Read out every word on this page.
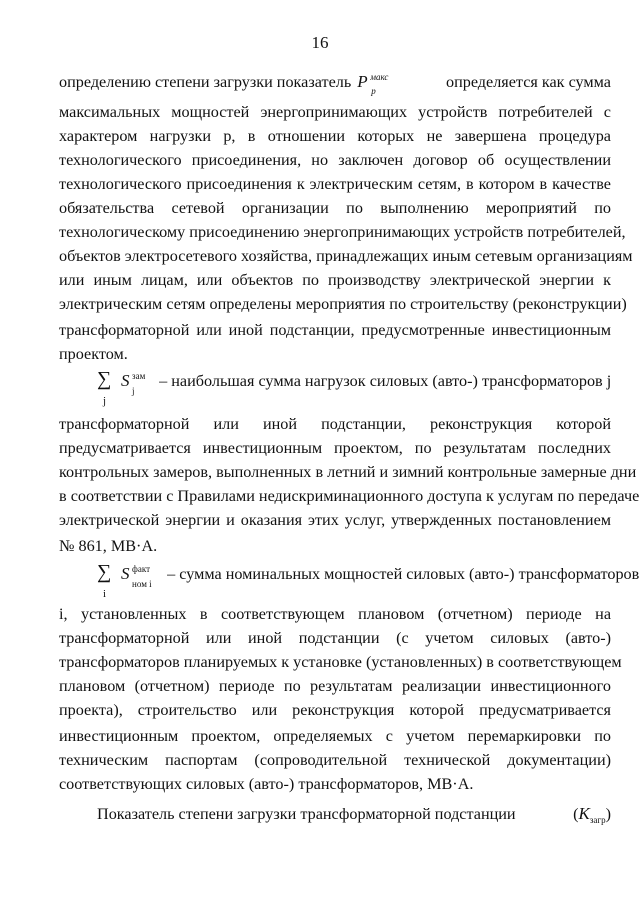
16
определению степени загрузки показатель P макс
p	определяется как сумма
максимальных мощностей энергопринимающих устройств потребителей с
характером нагрузки р, в отношении которых не завершена процедура
технологического присоединения, но заключен договор об осуществлении
технологического присоединения к электрическим сетям, в котором в качестве
обязательства сетевой организации по выполнению мероприятий по
технологическому присоединению энергопринимающих устройств потребителей,
объектов электросетевого хозяйства, принадлежащих иным сетевым организациям
или иным лицам, или объектов по производству электрической энергии к
электрическим сетям определены мероприятия по строительству (реконструкции)
трансформаторной или иной подстанции, предусмотренные инвестиционным
проектом.
∑
j
S зам
j
– наибольшая сумма нагрузок силовых (авто-) трансформаторов j
трансформаторной или иной подстанции, реконструкция которой
предусматривается инвестиционным проектом, по результатам последних
контрольных замеров, выполненных в летний и зимний контрольные замерные дни
в соответствии с Правилами недискриминационного доступа к услугам по передаче
электрической энергии и оказания этих услуг, утвержденных постановлением
№ 861, МВ·А.
∑
i
S факт
ном i
– сумма номинальных мощностей силовых (авто-) трансформаторов
i, установленных в соответствующем плановом (отчетном) периоде на
трансформаторной или иной подстанции (с учетом силовых (авто-)
трансформаторов планируемых к установке (установленных) в соответствующем
плановом (отчетном) периоде по результатам реализации инвестиционного
проекта), строительство или реконструкция которой предусматривается
инвестиционным проектом, определяемых с учетом перемаркировки по
техническим паспортам (сопроводительной технической документации)
соответствующих силовых (авто-) трансформаторов, МВ·А.
Показатель степени загрузки трансформаторной подстанции	$(K_{загр})$
